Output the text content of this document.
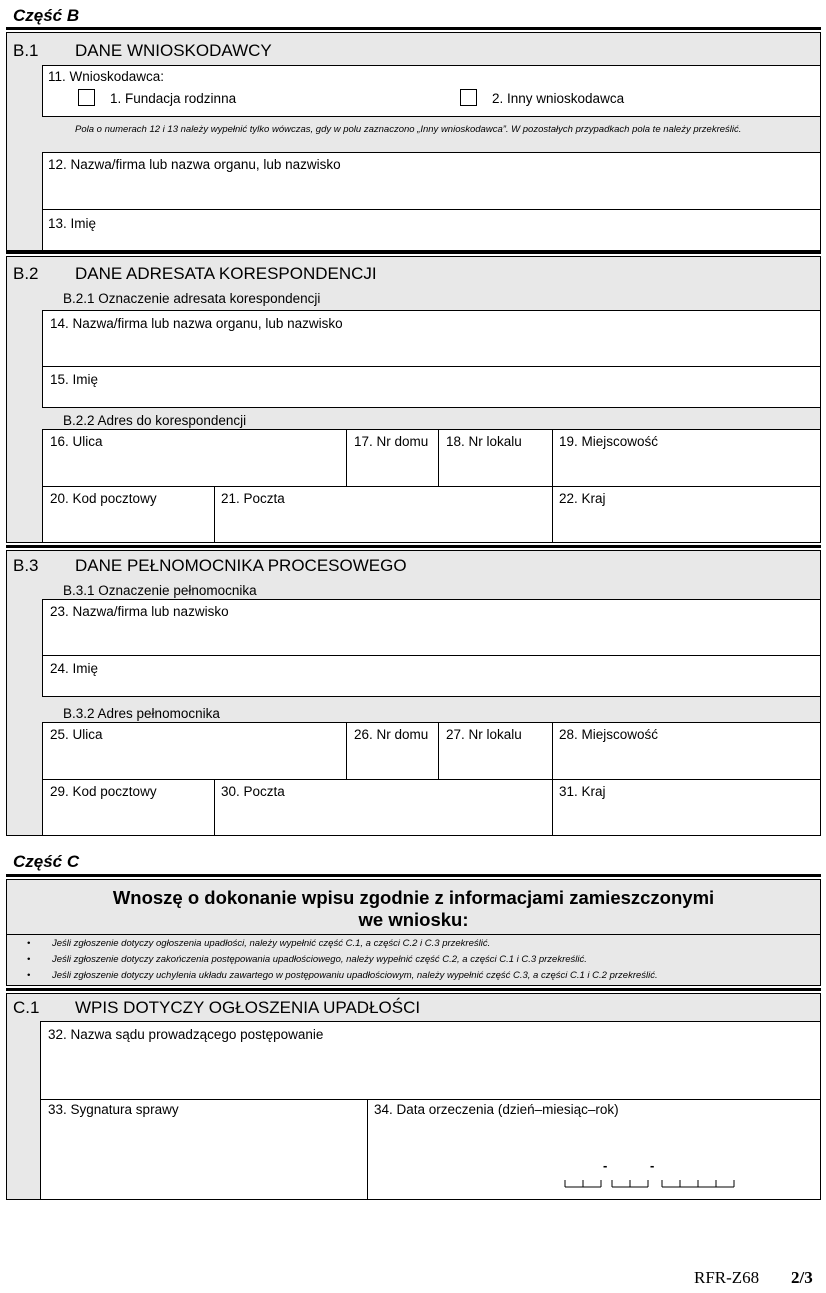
Część B
B.1 DANE WNIOSKODAWCY
11. Wnioskodawca:
1. Fundacja rodzinna	2. Inny wnioskodawca
Pola o numerach 12 i 13 należy wypełnić tylko wówczas, gdy w polu zaznaczono „Inny wnioskodawca”. W pozostałych przypadkach pola te należy przekreślić.
12. Nazwa/firma lub nazwa organu, lub nazwisko
13. Imię
B.2 DANE ADRESATA KORESPONDENCJI
B.2.1 Oznaczenie adresata korespondencji
14. Nazwa/firma lub nazwa organu, lub nazwisko
15. Imię
B.2.2 Adres do korespondencji
16. Ulica	17. Nr domu 18. Nr lokalu	19. Miejscowość
20. Kod pocztowy	21. Poczta	22. Kraj
B.3 DANE PEŁNOMOCNIKA PROCESOWEGO
B.3.1 Oznaczenie pełnomocnika
23. Nazwa/firma lub nazwisko
24. Imię
B.3.2 Adres pełnomocnika
25. Ulica	26. Nr domu 27. Nr lokalu	28. Miejscowość
29. Kod pocztowy	30. Poczta	31. Kraj
Część C
Wnoszę o dokonanie wpisu zgodnie z informacjami zamieszczonymi
we wniosku:
• Jeśli zgłoszenie dotyczy ogłoszenia upadłości, należy wypełnić część C.1, a części C.2 i C.3 przekreślić.
• Jeśli zgłoszenie dotyczy zakończenia postępowania upadłościowego, należy wypełnić część C.2, a części C.1 i C.3 przekreślić.
• Jeśli zgłoszenie dotyczy uchylenia układu zawartego w postępowaniu upadłościowym, należy wypełnić część C.3, a części C.1 i C.2 przekreślić.
C.1 WPIS DOTYCZY OGŁOSZENIA UPADŁOŚCI
32. Nazwa sądu prowadzącego postępowanie
33. Sygnatura sprawy	34. Data orzeczenia (dzień–miesiąc–rok)
-	-
RFR-Z68 2/3
